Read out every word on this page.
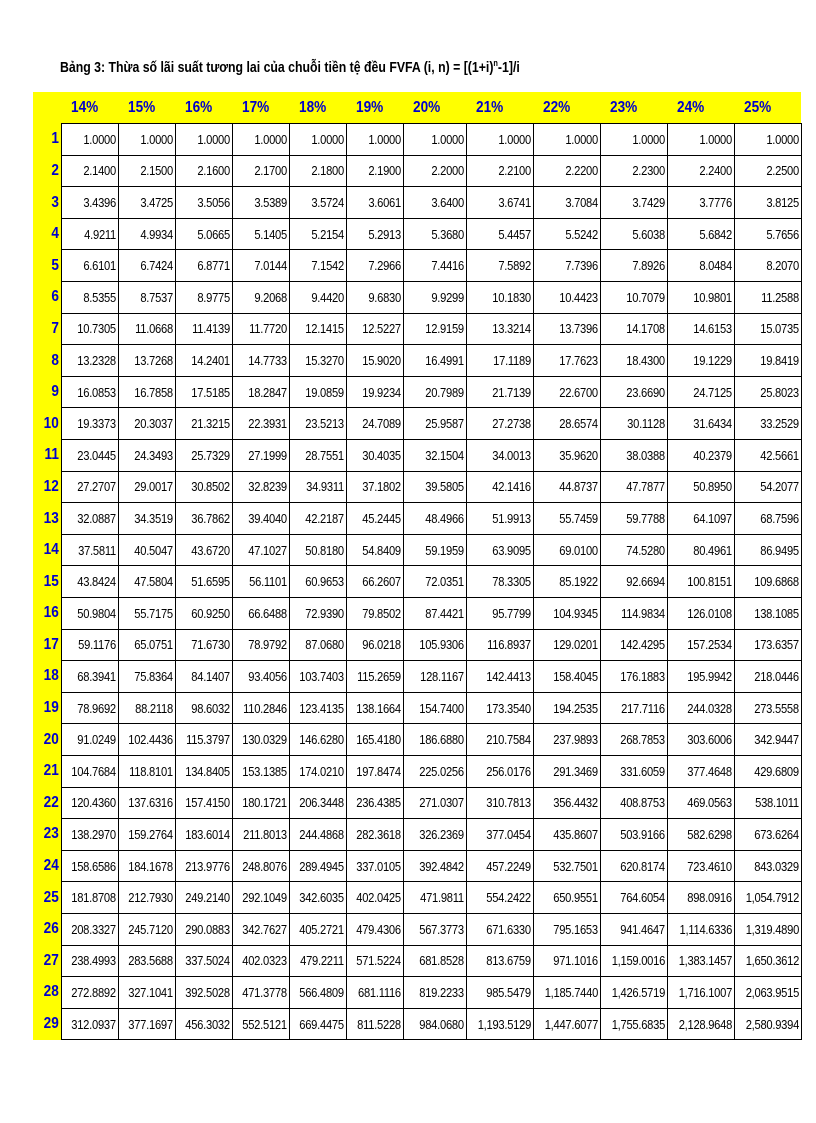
Bảng 3: Thừa số lãi suất tương lai của chuỗi tiền tệ đều FVFA (i, $n) = [(1+i)^n-1]/i$
	14%	15%	16%	17%	18%	19%	20%	21%	22%	23%	24%	25%
1	1.0000	1.0000	1.0000	1.0000	1.0000	1.0000	1.0000	1.0000	1.0000	1.0000	1.0000	1.0000
2	2.1400	2.1500	2.1600	2.1700	2.1800	2.1900	2.2000	2.2100	2.2200	2.2300	2.2400	2.2500
3	3.4396	3.4725	3.5056	3.5389	3.5724	3.6061	3.6400	3.6741	3.7084	3.7429	3.7776	3.8125
4	4.9211	4.9934	5.0665	5.1405	5.2154	5.2913	5.3680	5.4457	5.5242	5.6038	5.6842	5.7656
5	6.6101	6.7424	6.8771	7.0144	7.1542	7.2966	7.4416	7.5892	7.7396	7.8926	8.0484	8.2070
6	8.5355	8.7537	8.9775	9.2068	9.4420	9.6830	9.9299	10.1830	10.4423	10.7079	10.9801	11.2588
7	10.7305	11.0668	11.4139	11.7720	12.1415	12.5227	12.9159	13.3214	13.7396	14.1708	14.6153	15.0735
8	13.2328	13.7268	14.2401	14.7733	15.3270	15.9020	16.4991	17.1189	17.7623	18.4300	19.1229	19.8419
9	16.0853	16.7858	17.5185	18.2847	19.0859	19.9234	20.7989	21.7139	22.6700	23.6690	24.7125	25.8023
10	19.3373	20.3037	21.3215	22.3931	23.5213	24.7089	25.9587	27.2738	28.6574	30.1128	31.6434	33.2529
11	23.0445	24.3493	25.7329	27.1999	28.7551	30.4035	32.1504	34.0013	35.9620	38.0388	40.2379	42.5661
12	27.2707	29.0017	30.8502	32.8239	34.9311	37.1802	39.5805	42.1416	44.8737	47.7877	50.8950	54.2077
13	32.0887	34.3519	36.7862	39.4040	42.2187	45.2445	48.4966	51.9913	55.7459	59.7788	64.1097	68.7596
14	37.5811	40.5047	43.6720	47.1027	50.8180	54.8409	59.1959	63.9095	69.0100	74.5280	80.4961	86.9495
15	43.8424	47.5804	51.6595	56.1101	60.9653	66.2607	72.0351	78.3305	85.1922	92.6694	100.8151	109.6868
16	50.9804	55.7175	60.9250	66.6488	72.9390	79.8502	87.4421	95.7799	104.9345	114.9834	126.0108	138.1085
17	59.1176	65.0751	71.6730	78.9792	87.0680	96.0218	105.9306	116.8937	129.0201	142.4295	157.2534	173.6357
18	68.3941	75.8364	84.1407	93.4056	103.7403	115.2659	128.1167	142.4413	158.4045	176.1883	195.9942	218.0446
19	78.9692	88.2118	98.6032	110.2846	123.4135	138.1664	154.7400	173.3540	194.2535	217.7116	244.0328	273.5558
20	91.0249	102.4436	115.3797	130.0329	146.6280	165.4180	186.6880	210.7584	237.9893	268.7853	303.6006	342.9447
21	104.7684	118.8101	134.8405	153.1385	174.0210	197.8474	225.0256	256.0176	291.3469	331.6059	377.4648	429.6809
22	120.4360	137.6316	157.4150	180.1721	206.3448	236.4385	271.0307	310.7813	356.4432	408.8753	469.0563	538.1011
23	138.2970	159.2764	183.6014	211.8013	244.4868	282.3618	326.2369	377.0454	435.8607	503.9166	582.6298	673.6264
24	158.6586	184.1678	213.9776	248.8076	289.4945	337.0105	392.4842	457.2249	532.7501	620.8174	723.4610	843.0329
25	181.8708	212.7930	249.2140	292.1049	342.6035	402.0425	471.9811	554.2422	650.9551	764.6054	898.0916	1,054.7912
26	208.3327	245.7120	290.0883	342.7627	405.2721	479.4306	567.3773	671.6330	795.1653	941.4647	1,114.6336	1,319.4890
27	238.4993	283.5688	337.5024	402.0323	479.2211	571.5224	681.8528	813.6759	971.1016	1,159.0016	1,383.1457	1,650.3612
28	272.8892	327.1041	392.5028	471.3778	566.4809	681.1116	819.2233	985.5479	1,185.7440	1,426.5719	1,716.1007	2,063.9515
29	312.0937	377.1697	456.3032	552.5121	669.4475	811.5228	984.0680	1,193.5129	1,447.6077	1,755.6835	2,128.9648	2,580.9394
